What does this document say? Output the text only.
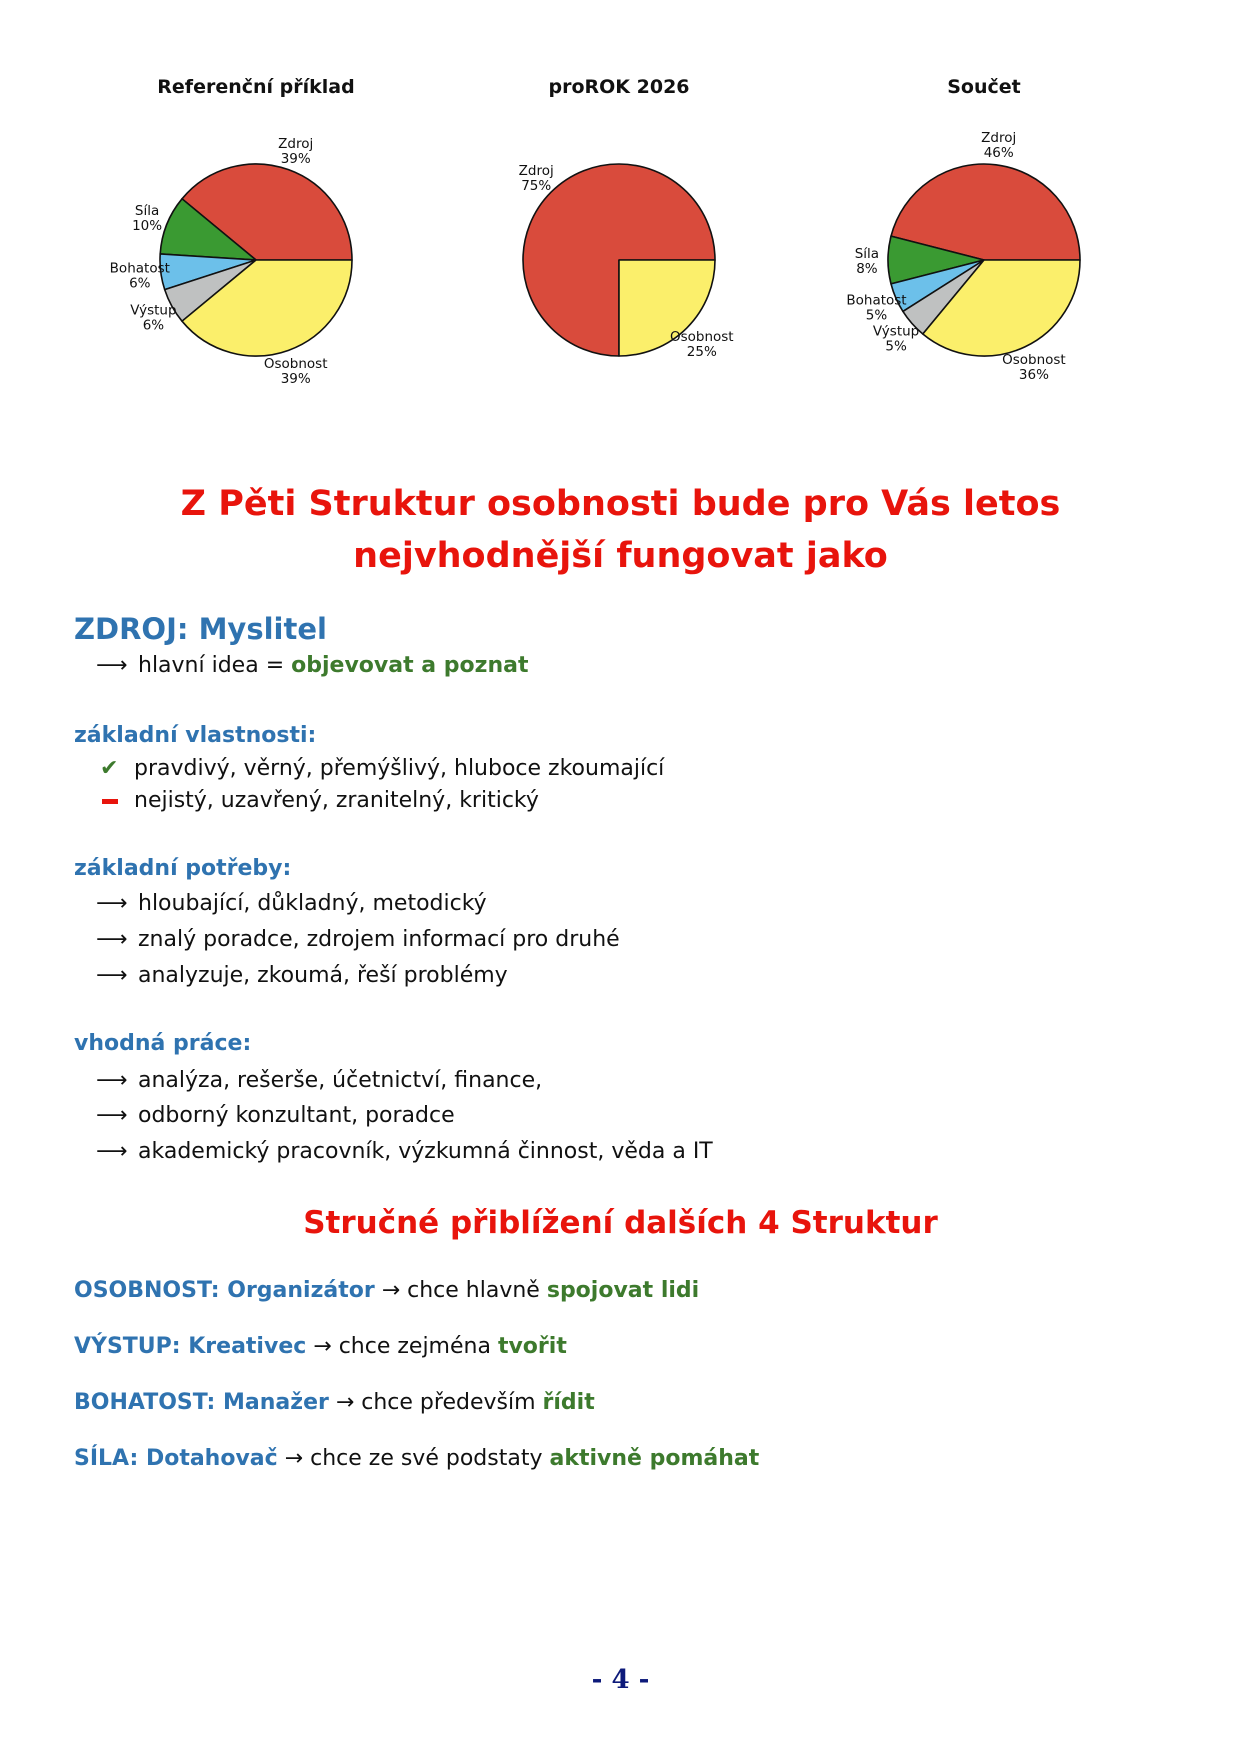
Referenční příklad
Zdroj
39%
Síla
10%
Bohatost
6%
Výstup
6%
Osobnost
39%
proROK 2026
Zdroj
75%
Osobnost
25%
Součet
Zdroj
46%
Síla
8%
Bohatost
5%
Výstup
5%
Osobnost
36%
Z Pěti Struktur osobnosti bude pro Vás letos
nejvhodnější fungovat jako
ZDROJ: Myslitel
⟶ hlavní idea = objevovat a poznat
základní vlastnosti:
✔ pravdivý, věrný, přemýšlivý, hluboce zkoumající
nejistý, uzavřený, zranitelný, kritický
základní potřeby:
⟶ hloubající, důkladný, metodický
⟶ znalý poradce, zdrojem informací pro druhé
⟶ analyzuje, zkoumá, řeší problémy
vhodná práce:
⟶ analýza, rešerše, účetnictví, finance,
⟶ odborný konzultant, poradce
⟶ akademický pracovník, výzkumná činnost, věda a IT
Stručné přiblížení dalších 4 Struktur
OSOBNOST: Organizátor → chce hlavně spojovat lidi
VÝSTUP: Kreativec → chce zejména tvořit
BOHATOST: Manažer → chce především řídit
SÍLA: Dotahovač → chce ze své podstaty aktivně pomáhat
- 4 -
